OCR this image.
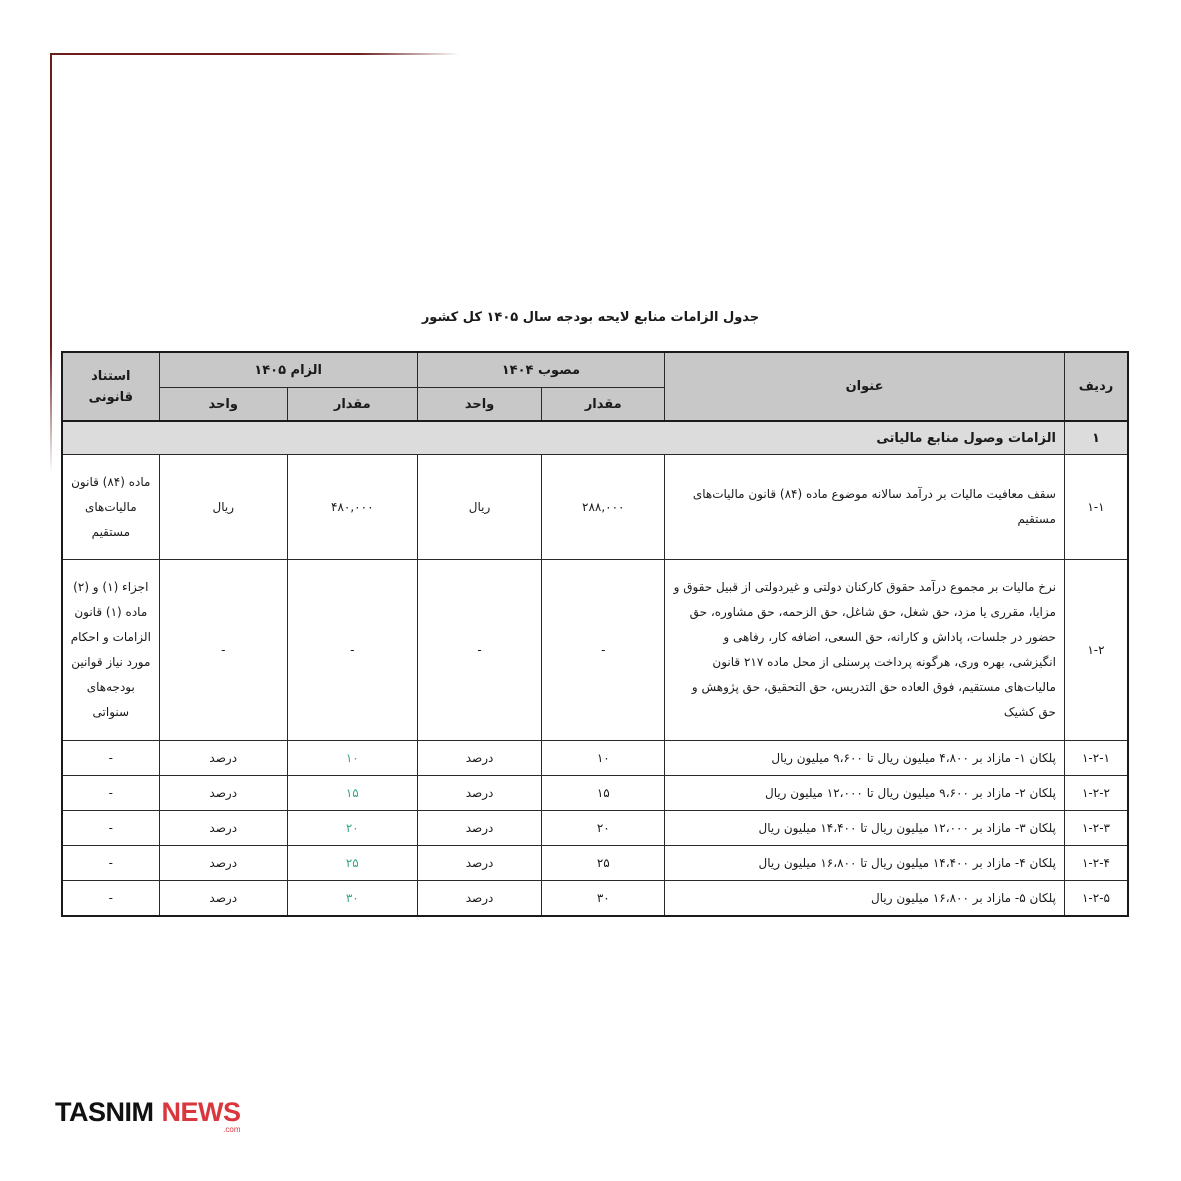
جدول الزامات منابع لایحه بودجه سال ۱۴۰۵ کل کشور
ردیف	عنوان	مصوب ۱۴۰۴		الزام ۱۴۰۵		استناد
قانونی

		مقدار	واحد	مقدار	واحد	
۱	الزامات وصول منابع مالیاتی					
۱-۱	سقف معافیت مالیات بر درآمد سالانه موضوع ماده (۸۴) قانون مالیات‌های مستقیم	۲۸۸,۰۰۰	ریال	۴۸۰,۰۰۰	ریال	ماده (۸۴) قانون مالیات‌های مستقیم
۱-۲	نرخ مالیات بر مجموع درآمد حقوق کارکنان دولتی و غیردولتی از قبیل حقوق و مزایا، مقرری یا مزد، حق شغل، حق شاغل، حق الزحمه، حق مشاوره، حق حضور در جلسات، پاداش و کارانه، حق السعی، اضافه کار، رفاهی و انگیزشی، بهره وری، هرگونه پرداخت پرسنلی از محل ماده ۲۱۷ قانون مالیات‌های مستقیم، فوق العاده حق التدریس، حق التحقیق، حق پژوهش و حق کشیک	-	-	-	-	اجزاء (۱) و (۲) ماده (۱) قانون الزامات و احکام مورد نیاز قوانین بودجه‌های سنواتی
۱-۲-۱	پلکان ۱- مازاد بر ۴،۸۰۰ میلیون ریال تا ۹،۶۰۰ میلیون ریال	۱۰	درصد	۱۰	درصد	-
۱-۲-۲	پلکان ۲- مازاد بر ۹،۶۰۰ میلیون ریال تا ۱۲،۰۰۰ میلیون ریال	۱۵	درصد	۱۵	درصد	-
۱-۲-۳	پلکان ۳- مازاد بر ۱۲،۰۰۰ میلیون ریال تا ۱۴،۴۰۰ میلیون ریال	۲۰	درصد	۲۰	درصد	-
۱-۲-۴	پلکان ۴- مازاد بر ۱۴،۴۰۰ میلیون ریال تا ۱۶،۸۰۰ میلیون ریال	۲۵	درصد	۲۵	درصد	-
۱-۲-۵	پلکان ۵- مازاد بر ۱۶،۸۰۰ میلیون ریال	۳۰	درصد	۳۰	درصد	-
TASNIM NEWS
.com
